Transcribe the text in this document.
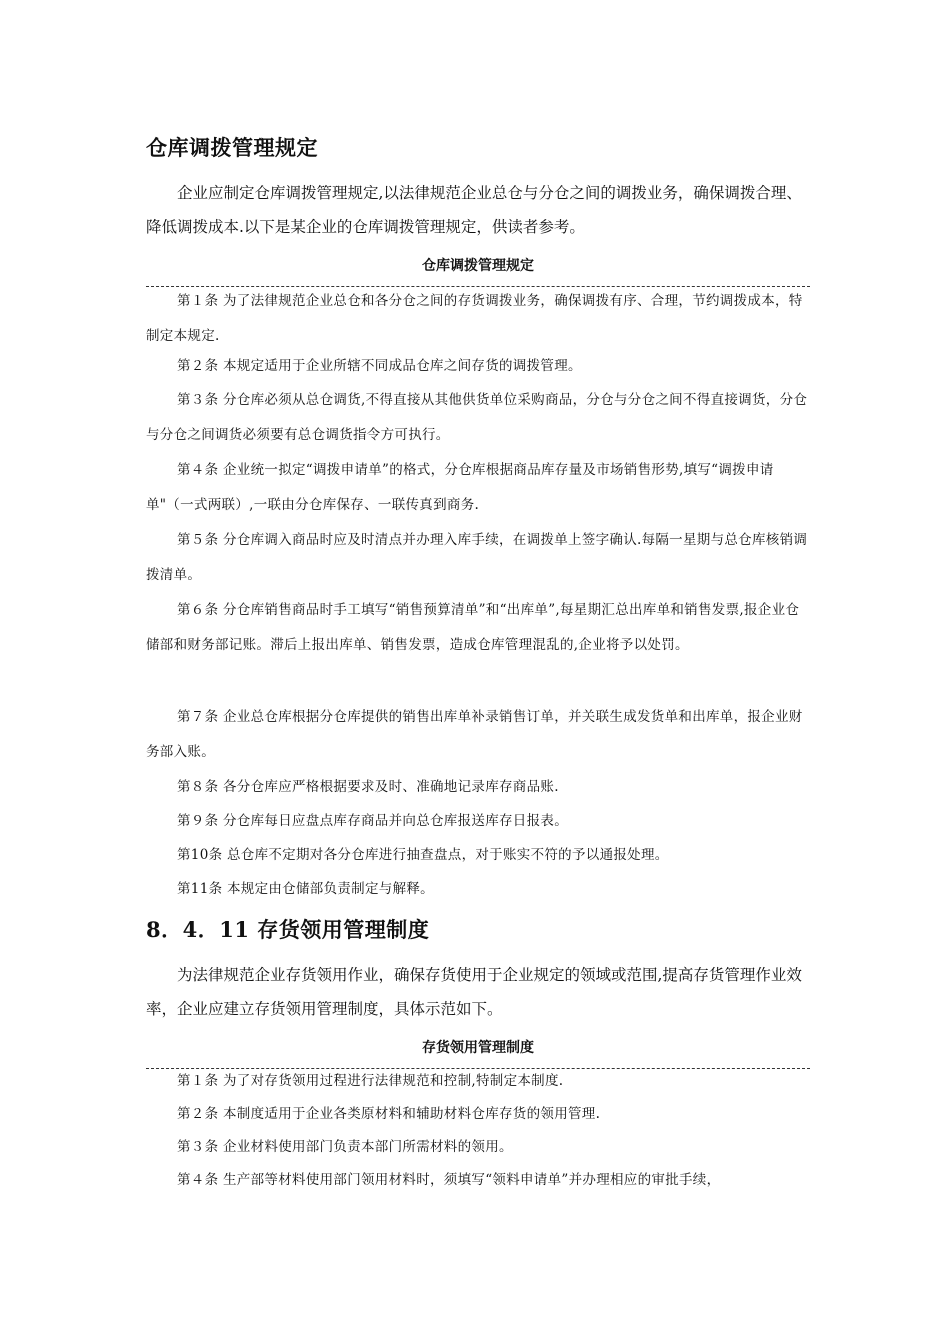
仓库调拨管理规定
企业应制定仓库调拨管理规定,以法律规范企业总仓与分仓之间的调拨业务，确保调拨合理、降低调拨成本.以下是某企业的仓库调拨管理规定，供读者参考。
仓库调拨管理规定
第１条 为了法律规范企业总仓和各分仓之间的存货调拨业务，确保调拨有序、合理，节约调拨成本，特制定本规定.
第２条 本规定适用于企业所辖不同成品仓库之间存货的调拨管理。
第３条 分仓库必须从总仓调货,不得直接从其他供货单位采购商品，分仓与分仓之间不得直接调货，分仓与分仓之间调货必须要有总仓调货指令方可执行。
第４条 企业统一拟定“调拨申请单”的格式，分仓库根据商品库存量及市场销售形势,填写“调拨申请单"（一式两联）,一联由分仓库保存、一联传真到商务.
第５条 分仓库调入商品时应及时清点并办理入库手续，在调拨单上签字确认.每隔一星期与总仓库核销调拨清单。
第６条 分仓库销售商品时手工填写“销售预算清单”和“出库单”,每星期汇总出库单和销售发票,报企业仓储部和财务部记账。滞后上报出库单、销售发票，造成仓库管理混乱的,企业将予以处罚。
第７条 企业总仓库根据分仓库提供的销售出库单补录销售订单，并关联生成发货单和出库单，报企业财务部入账。
第８条 各分仓库应严格根据要求及时、准确地记录库存商品账.
第９条 分仓库每日应盘点库存商品并向总仓库报送库存日报表。
第10条 总仓库不定期对各分仓库进行抽查盘点，对于账实不符的予以通报处理。
第11条 本规定由仓储部负责制定与解释。
8．4．11 存货领用管理制度
为法律规范企业存货领用作业，确保存货使用于企业规定的领域或范围,提高存货管理作业效率，企业应建立存货领用管理制度，具体示范如下。
存货领用管理制度
第１条 为了对存货领用过程进行法律规范和控制,特制定本制度.
第２条 本制度适用于企业各类原材料和辅助材料仓库存货的领用管理.
第３条 企业材料使用部门负责本部门所需材料的领用。
第４条 生产部等材料使用部门领用材料时，须填写“领料申请单”并办理相应的审批手续，
